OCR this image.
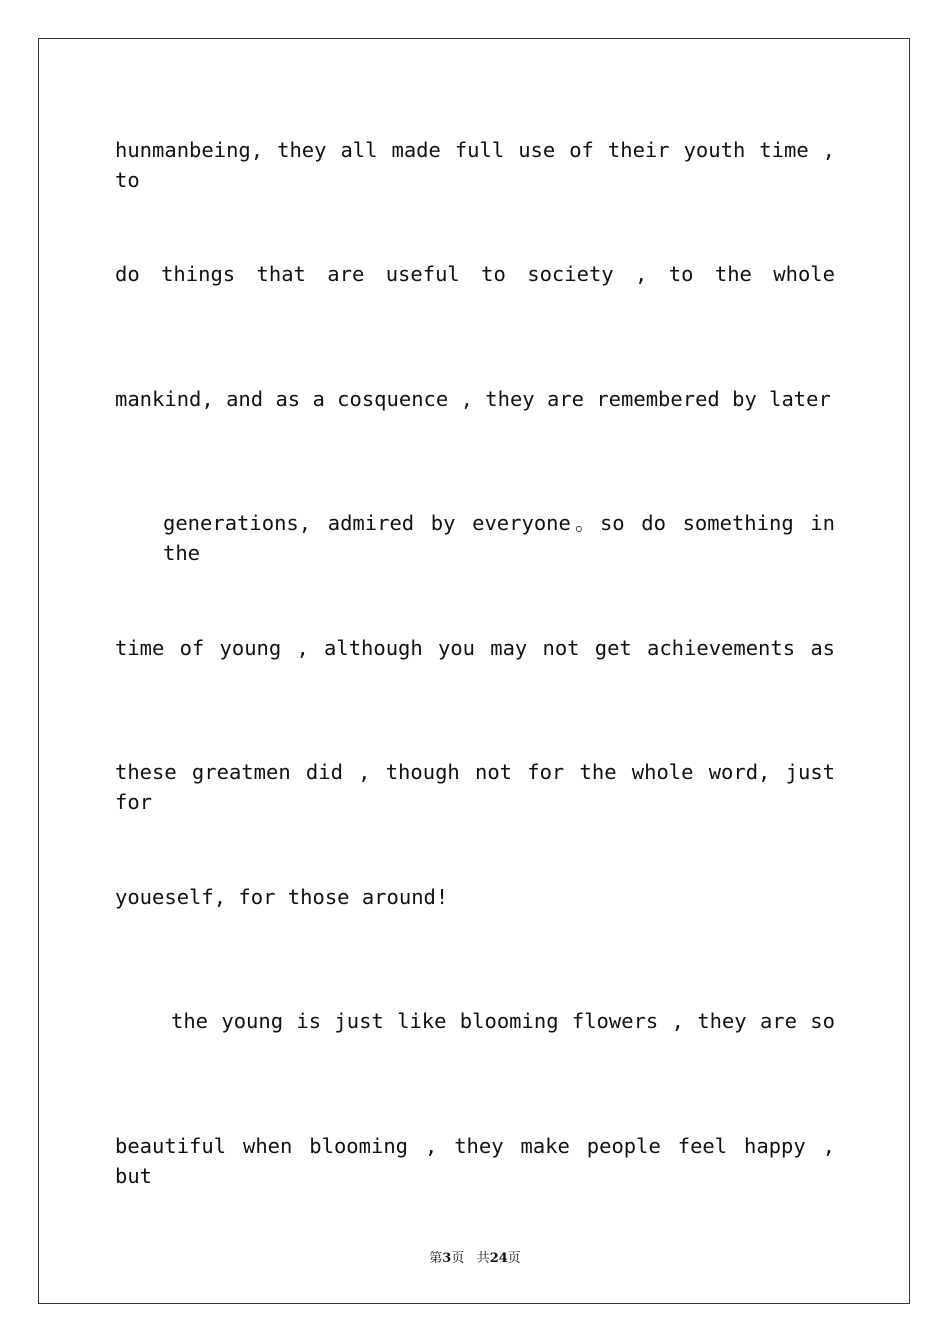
hunmanbeing, they all made full use of their youth time , to
do things that are useful to society , to the whole
mankind, and as a cosquence , they are remembered by later
generations, admired by everyone。so do something in the
time of young , although you may not get achievements as
these greatmen did , though not for the whole word, just for
youeself, for those around!
the young is just like blooming flowers , they are so
beautiful when blooming , they make people feel happy , but
第3页 共24页
